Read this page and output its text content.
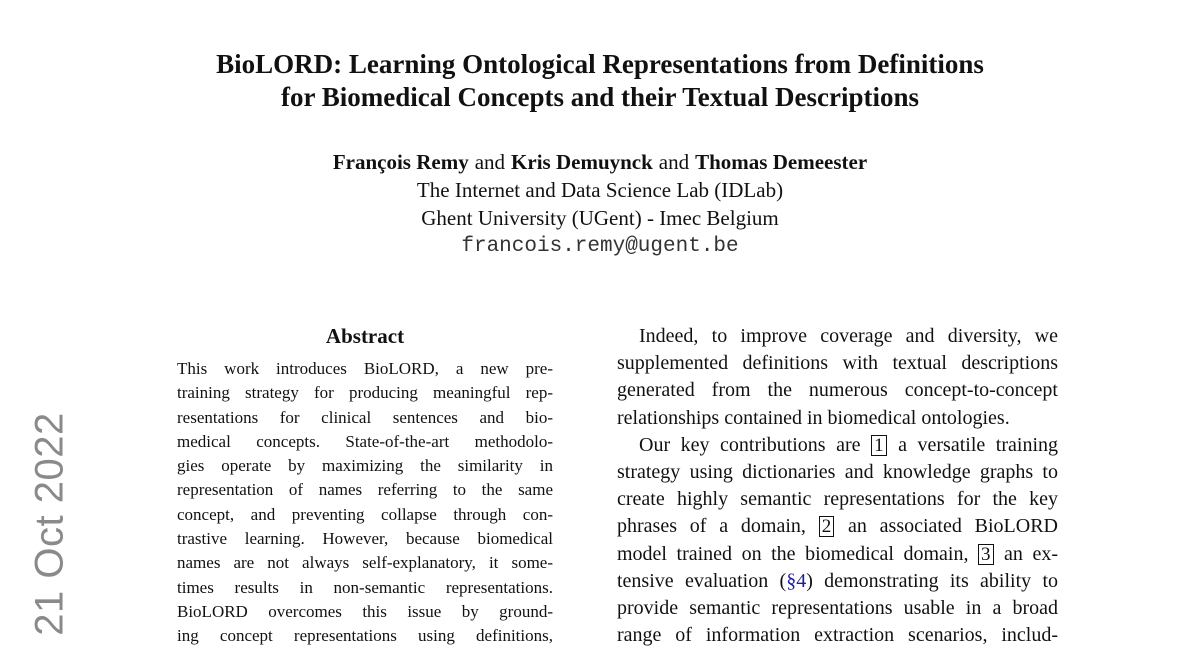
BioLORD: Learning Ontological Representations from Definitions
for Biomedical Concepts and their Textual Descriptions
François Remy and Kris Demuynck and Thomas Demeester
The Internet and Data Science Lab (IDLab)
Ghent University (UGent) - Imec Belgium
francois.remy@ugent.be
21 Oct 2022
Abstract
This work introduces BioLORD, a new pre-
training strategy for producing meaningful rep-
resentations for clinical sentences and bio-
medical concepts. State-of-the-art methodolo-
gies operate by maximizing the similarity in
representation of names referring to the same
concept, and preventing collapse through con-
trastive learning. However, because biomedical
names are not always self-explanatory, it some-
times results in non-semantic representations.
BioLORD overcomes this issue by ground-
ing concept representations using definitions,
Indeed, to improve coverage and diversity, we
supplemented definitions with textual descriptions
generated from the numerous concept-to-concept
relationships contained in biomedical ontologies.
Our key contributions are 1 a versatile training
strategy using dictionaries and knowledge graphs to
create highly semantic representations for the key
phrases of a domain, 2 an associated BioLORD
model trained on the biomedical domain, 3 an ex-
tensive evaluation (§4) demonstrating its ability to
provide semantic representations usable in a broad
range of information extraction scenarios, includ-
